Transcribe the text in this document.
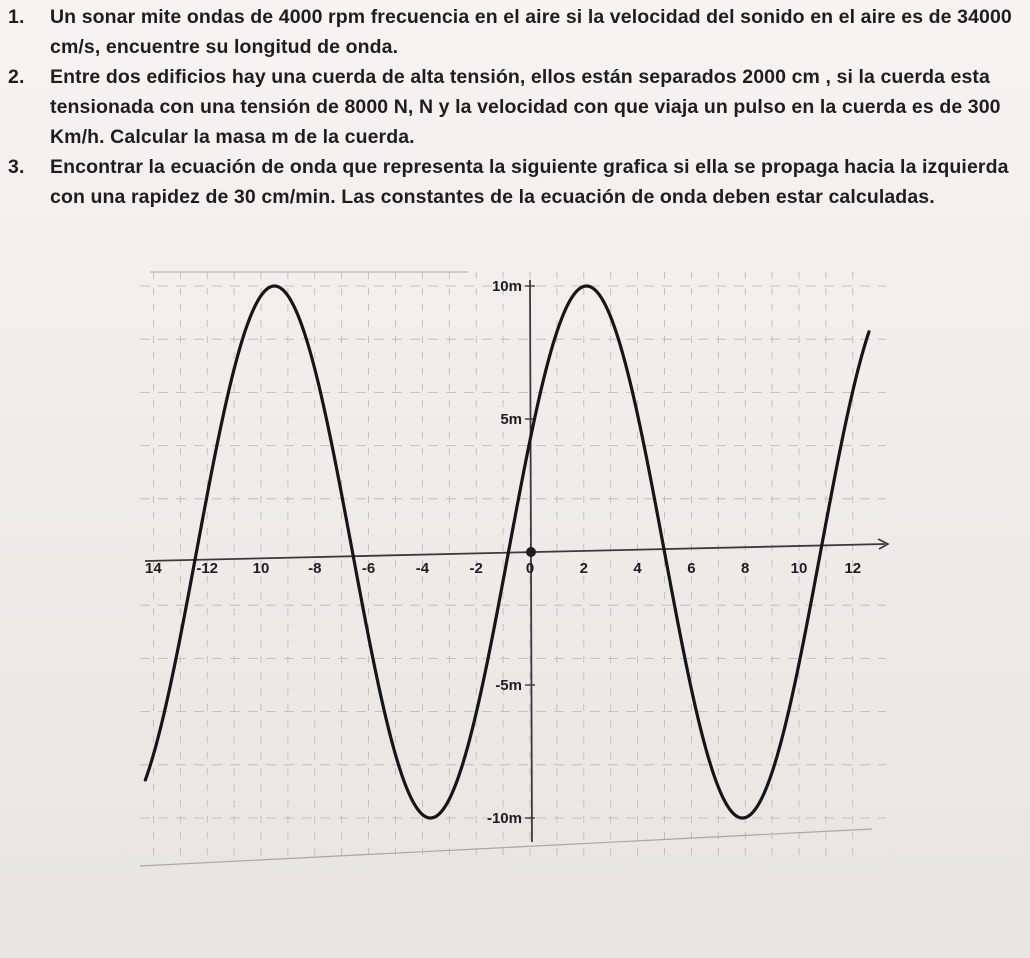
1.	Un sonar mite ondas de 4000 rpm frecuencia en el aire si la velocidad del sonido en el aire es de 34000 cm/s, encuentre su longitud de onda.
2.	Entre dos edificios hay una cuerda de alta tensión, ellos están separados 2000 cm , si la cuerda esta tensionada con una tensión de 8000 N, N y la velocidad con que viaja un pulso en la cuerda es de 300 Km/h. Calcular la masa m de la cuerda.
3.	Encontrar la ecuación de onda que representa la siguiente grafica si ella se propaga hacia la izquierda con una rapidez de 30 cm/min. Las constantes de la ecuación de onda deben estar calculadas.
14 -12 10	-8	-6	-4	-2	0	2	4	6	8	10 12
10m
5m
-5m
-10m
